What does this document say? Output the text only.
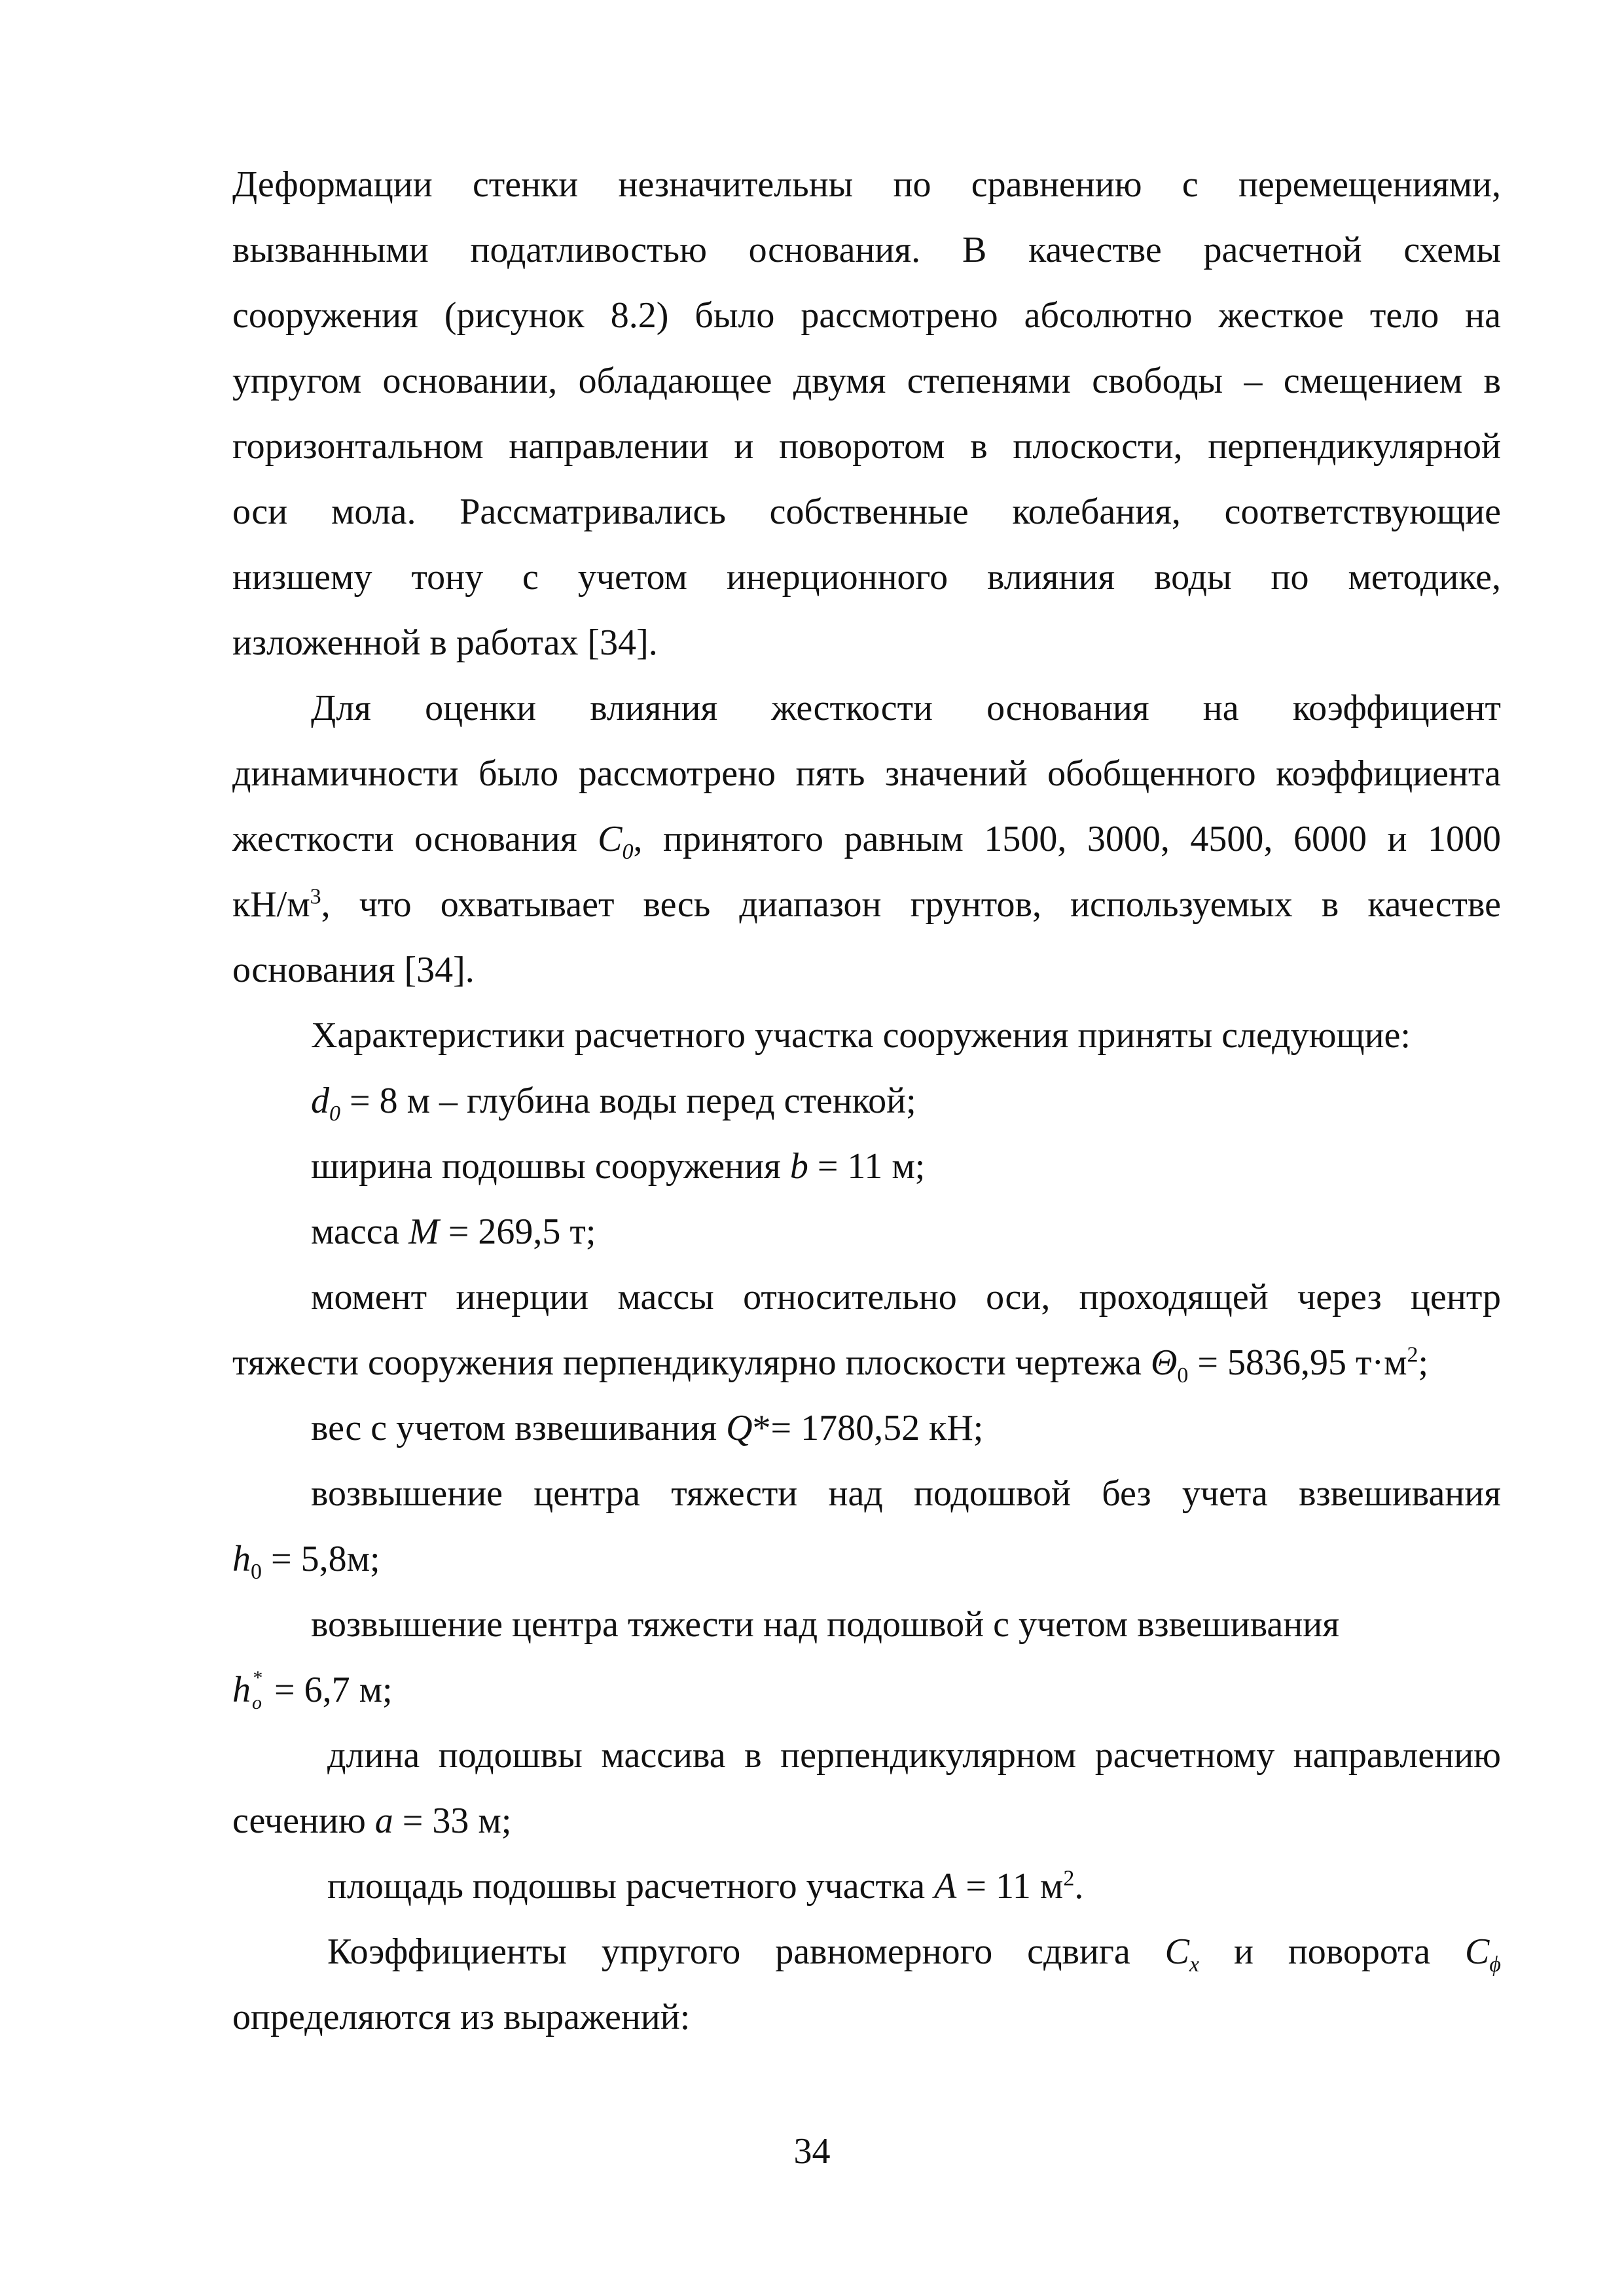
Деформации стенки незначительны по сравнению с перемещениями,
вызванными податливостью основания. В качестве расчетной схемы
сооружения (рисунок 8.2) было рассмотрено абсолютно жесткое тело на
упругом основании, обладающее двумя степенями свободы – смещением в
горизонтальном направлении и поворотом в плоскости, перпендикулярной
оси мола. Рассматривались собственные колебания, соответствующие
низшему тону с учетом инерционного влияния воды по методике,
изложенной в работах [34].
Для оценки влияния жесткости основания на коэффициент
динамичности было рассмотрено пять значений обобщенного коэффициента
жесткости основания $C_0$, принятого равным 1500, 3000, 4500, 6000 и 1000
$кН/м^3$, что охватывает весь диапазон грунтов, используемых в качестве
основания [34].
Характеристики расчетного участка сооружения приняты следующие:
$d_0 = 8$ м – глубина воды перед стенкой;
ширина подошвы сооружения b = 11 м;
масса M = 269,5 т;
момент инерции массы относительно оси, проходящей через центр
тяжести сооружения перпендикулярно плоскости чертежа $\Theta_0 = 5836,95$ $т\cdot м^2$;
вес с учетом взвешивания Q*= 1780,52 кН;
возвышение центра тяжести над подошвой без учета взвешивания
$h_0 = 5,8м$;
возвышение центра тяжести над подошвой с учетом взвешивания
h *
o = 6,7 м;
длина подошвы массива в перпендикулярном расчетному направлению
сечению a = 33 м;
площадь подошвы расчетного участка A = 11 $м^2$.
Коэффициенты упругого равномерного сдвига $C_x$ и поворота $C_\phi$
определяются из выражений:
34
